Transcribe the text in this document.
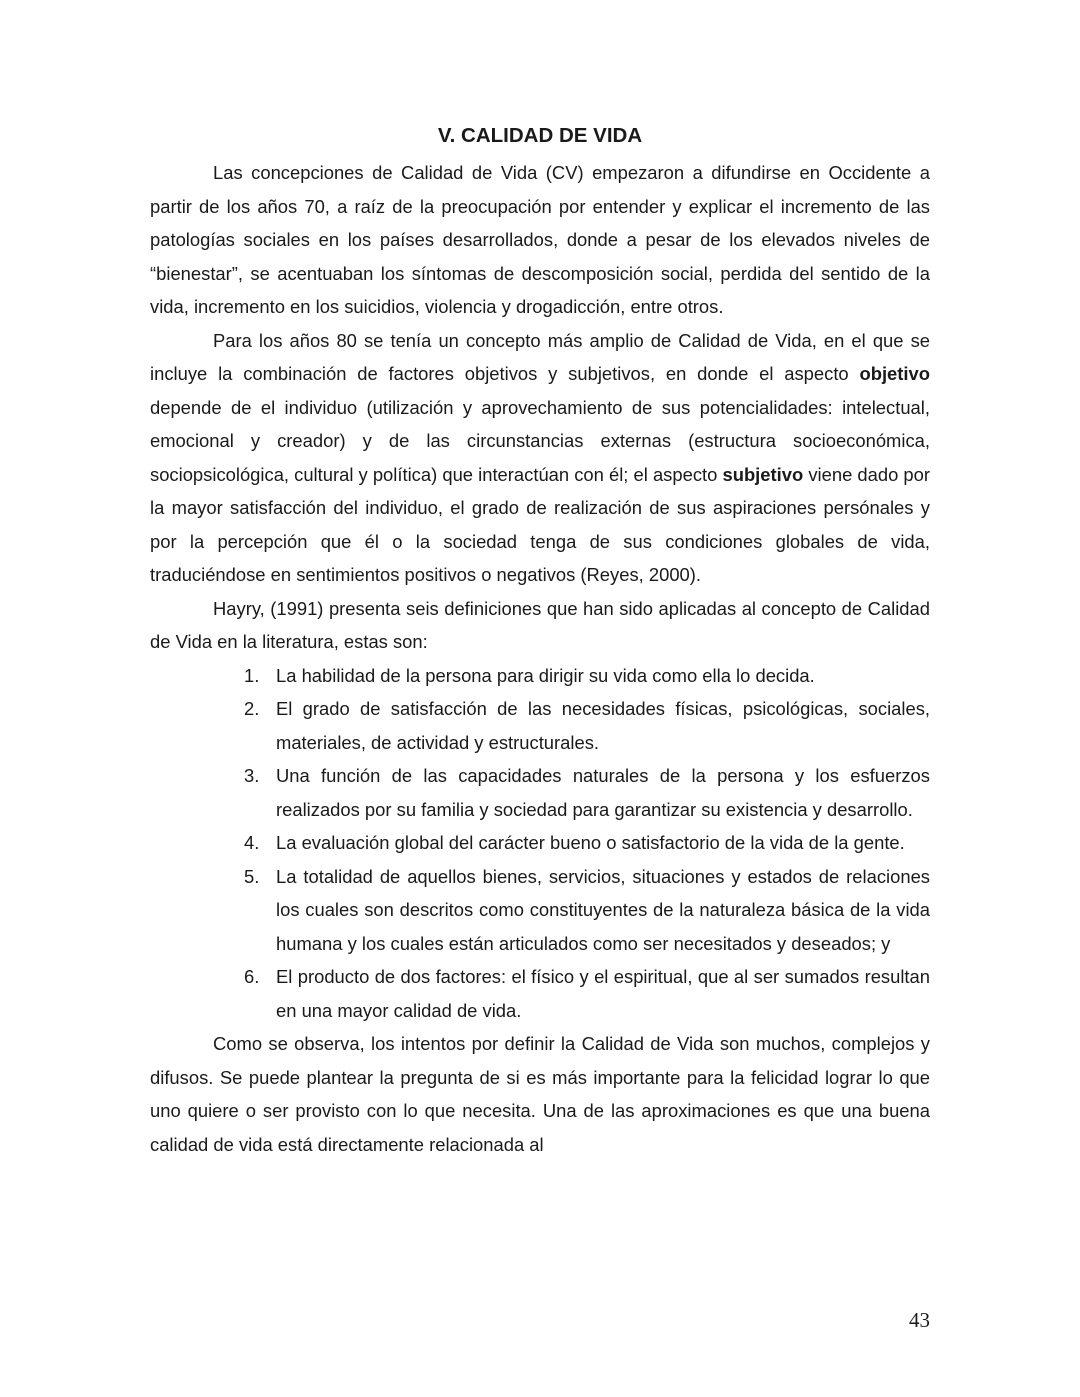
V. CALIDAD DE VIDA

Las concepciones de Calidad de Vida (CV) empezaron a difundirse en Occidente a partir de los años 70, a raíz de la preocupación por entender y explicar el incremento de las patologías sociales en los países desarrollados, donde a pesar de los elevados niveles de “bienestar”, se acentuaban los síntomas de descomposición social, perdida del sentido de la vida, incremento en los suicidios, violencia y drogadicción, entre otros.

Para los años 80 se tenía un concepto más amplio de Calidad de Vida, en el que se incluye la combinación de factores objetivos y subjetivos, en donde el aspecto objetivo depende de el individuo (utilización y aprovechamiento de sus potencialidades: intelectual, emocional y creador) y de las circunstancias externas (estructura socioeconómica, sociopsicológica, cultural y política) que interactúan con él; el aspecto subjetivo viene dado por la mayor satisfacción del individuo, el grado de realización de sus aspiraciones persónales y por la percepción que él o la sociedad tenga de sus condiciones globales de vida, traduciéndose en sentimientos positivos o negativos (Reyes, 2000).

Hayry, (1991) presenta seis definiciones que han sido aplicadas al concepto de Calidad de Vida en la literatura, estas son:

1. La habilidad de la persona para dirigir su vida como ella lo decida.
2. El grado de satisfacción de las necesidades físicas, psicológicas, sociales, materiales, de actividad y estructurales.
3. Una función de las capacidades naturales de la persona y los esfuerzos realizados por su familia y sociedad para garantizar su existencia y desarrollo.
4. La evaluación global del carácter bueno o satisfactorio de la vida de la gente.
5. La totalidad de aquellos bienes, servicios, situaciones y estados de relaciones los cuales son descritos como constituyentes de la naturaleza básica de la vida humana y los cuales están articulados como ser necesitados y deseados; y
6. El producto de dos factores: el físico y el espiritual, que al ser sumados resultan en una mayor calidad de vida.

Como se observa, los intentos por definir la Calidad de Vida son muchos, complejos y difusos. Se puede plantear la pregunta de si es más importante para la felicidad lograr lo que uno quiere o ser provisto con lo que necesita. Una de las aproximaciones es que una buena calidad de vida está directamente relacionada al

43
